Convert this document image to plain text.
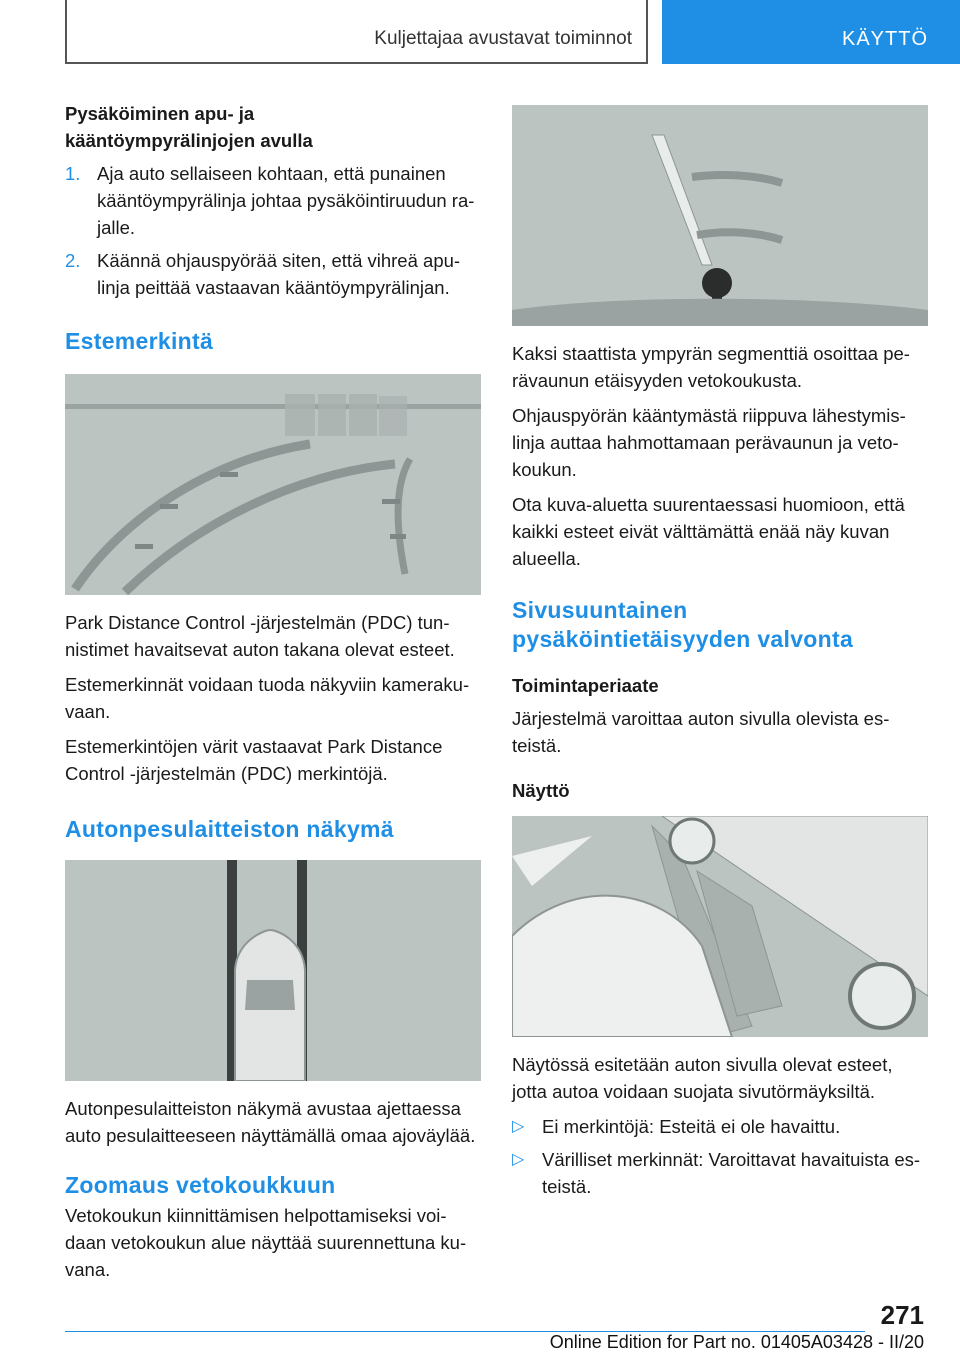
Kuljettajaa avustavat toiminnot	KÄYTTÖ
Pysäköiminen apu- ja
kääntöympyrälinjojen avulla
1. Aja auto sellaiseen kohtaan, että punainen kääntöympyrälinja johtaa pysäköintiruudun ra-jalle.
2. Käännä ohjauspyörää siten, että vihreä apu-linja peittää vastaavan kääntöympyrälinjan.
Estemerkintä

Park Distance Control -järjestelmän (PDC) tun-nistimet havaitsevat auton takana olevat esteet.

Estemerkinnät voidaan tuoda näkyviin kameraku-vaan.

Estemerkintöjen värit vastaavat Park Distance Control -järjestelmän (PDC) merkintöjä.

Autonpesulaitteiston näkymä

Autonpesulaitteiston näkymä avustaa ajettaessa auto pesulaitteeseen näyttämällä omaa ajoväylää.

Zoomaus vetokoukkuun

Vetokoukun kiinnittämisen helpottamiseksi voi-daan vetokoukun alue näyttää suurennettuna ku-vana.

Kaksi staattista ympyrän segmenttiä osoittaa pe-rävaunun etäisyyden vetokoukusta.

Ohjauspyörän kääntymästä riippuva lähestymis-linja auttaa hahmottamaan perävaunun ja veto-koukun.

Ota kuva-aluetta suurentaessasi huomioon, että kaikki esteet eivät välttämättä enää näy kuvan alueella.

Sivusuuntainen
pysäköintietäisyyden valvonta
Toimintaperiaate

Järjestelmä varoittaa auton sivulla olevista es-teistä.

Näyttö

Näytössä esitetään auton sivulla olevat esteet, jotta autoa voidaan suojata sivutörmäyksiltä.

▷ Ei merkintöjä: Esteitä ei ole havaittu.
▷ Värilliset merkinnät: Varoittavat havaituista es-teistä.
271
Online Edition for Part no. 01405A03428 - II/20
